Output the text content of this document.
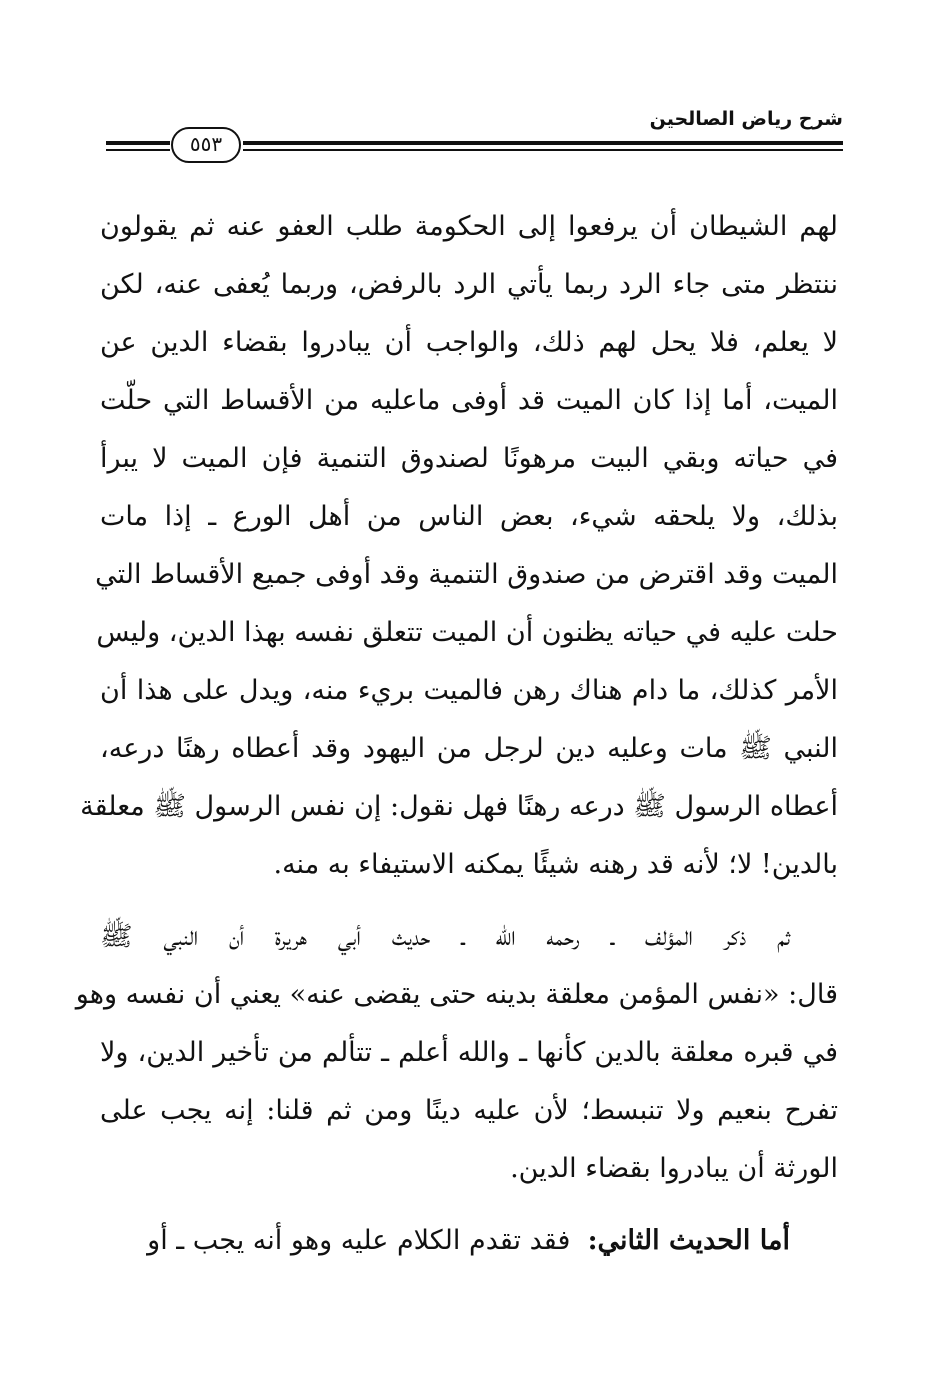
شرح رياض الصالحين
٥٥٣
لهم الشيطان أن يرفعوا إلى الحكومة طلب العفو عنه ثم يقولون
ننتظر متى جاء الرد ربما يأتي الرد بالرفض، وربما يُعفى عنه، لكن
لا يعلم، فلا يحل لهم ذلك، والواجب أن يبادروا بقضاء الدين عن
الميت، أما إذا كان الميت قد أوفى ماعليه من الأقساط التي حلّت
في حياته وبقي البيت مرهونًا لصندوق التنمية فإن الميت لا يبرأ
بذلك، ولا يلحقه شيء، بعض الناس من أهل الورع ـ إذا مات
الميت وقد اقترض من صندوق التنمية وقد أوفى جميع الأقساط التي
حلت عليه في حياته يظنون أن الميت تتعلق نفسه بهذا الدين، وليس
الأمر كذلك، ما دام هناك رهن فالميت بريء منه، ويدل على هذا أن
النبي ﷺ مات وعليه دين لرجل من اليهود وقد أعطاه رهنًا درعه،
أعطاه الرسول ﷺ درعه رهنًا فهل نقول: إن نفس الرسول ﷺ معلقة
بالدين! لا؛ لأنه قد رهنه شيئًا يمكنه الاستيفاء به منه.
ثم ذكر المؤلف ـ رحمه الله ـ حديث أبي هريرة أن النبي ﷺ
قال: «نفس المؤمن معلقة بدينه حتى يقضى عنه» يعني أن نفسه وهو
في قبره معلقة بالدين كأنها ـ والله أعلم ـ تتألم من تأخير الدين، ولا
تفرح بنعيم ولا تنبسط؛ لأن عليه دينًا ومن ثم قلنا: إنه يجب على
الورثة أن يبادروا بقضاء الدين.
أما الحديث الثاني:  فقد تقدم الكلام عليه وهو أنه يجب ـ أو
